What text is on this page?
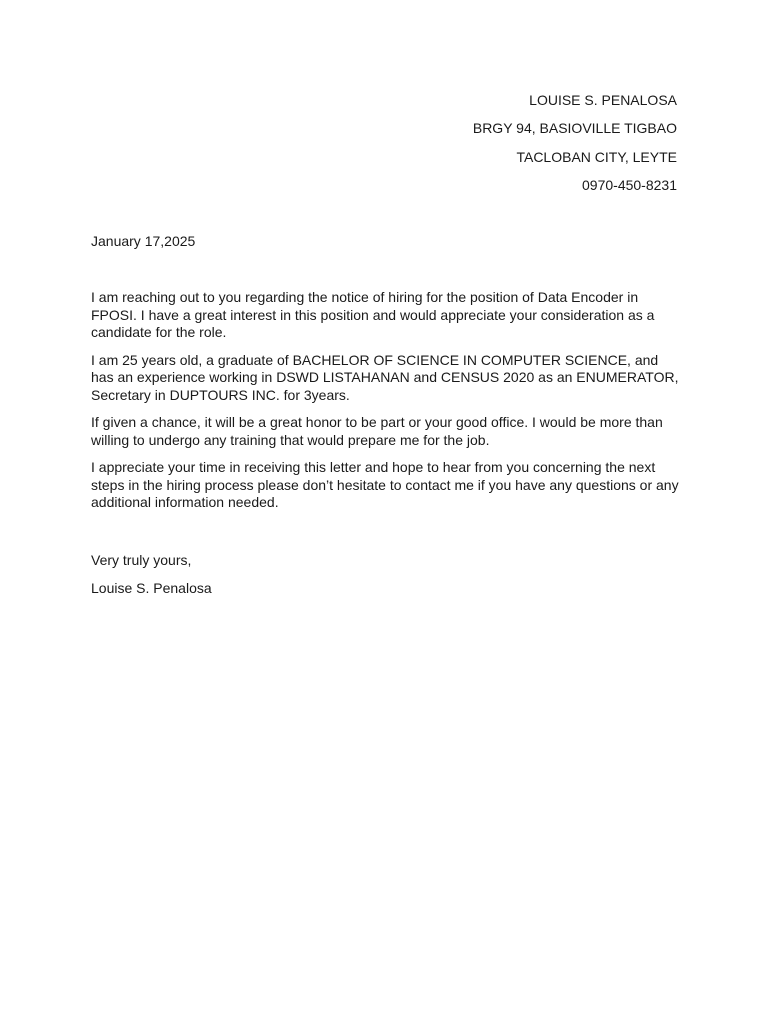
LOUISE S. PENALOSA
BRGY 94, BASIOVILLE TIGBAO
TACLOBAN CITY, LEYTE
0970-450-8231
January 17,2025

I am reaching out to you regarding the notice of hiring for the position of Data Encoder in FPOSI. I have a great interest in this position and would appreciate your consideration as a candidate for the role.

I am 25 years old, a graduate of BACHELOR OF SCIENCE IN COMPUTER SCIENCE, and has an experience working in DSWD LISTAHANAN and CENSUS 2020 as an ENUMERATOR, Secretary in DUPTOURS INC. for 3years.

If given a chance, it will be a great honor to be part or your good office. I would be more than willing to undergo any training that would prepare me for the job.

I appreciate your time in receiving this letter and hope to hear from you concerning the next steps in the hiring process please don’t hesitate to contact me if you have any questions or any additional information needed.

Very truly yours,
Louise S. Penalosa
